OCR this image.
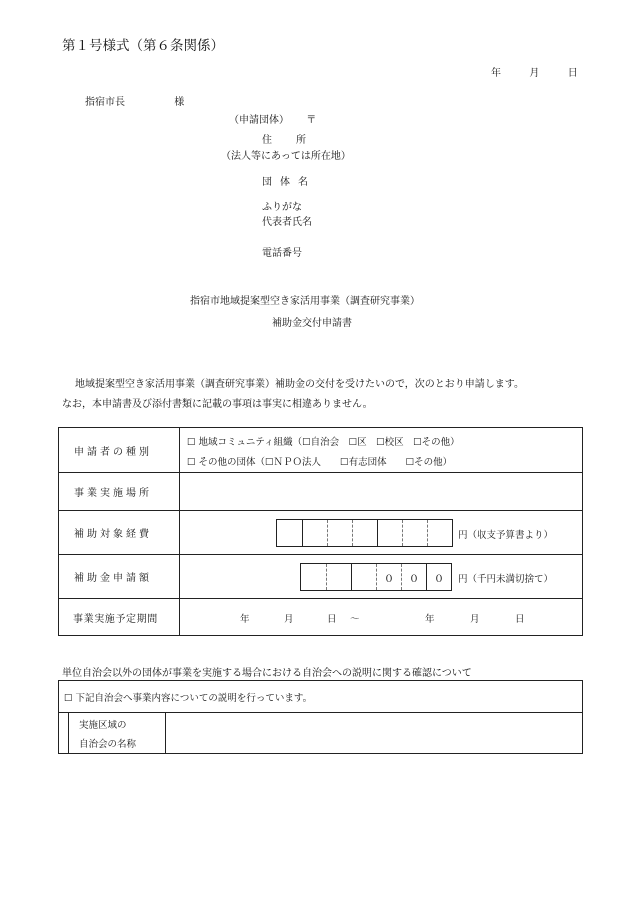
第１号様式（第６条関係）
年	月	日
指宿市長	様
（申請団体） 〒
住所
（法人等にあっては所在地）
団体名
ふりがな
代表者氏名
電話番号
指宿市地域提案型空き家活用事業（調査研究事業）
補助金交付申請書
地域提案型空き家活用事業（調査研究事業）補助金の交付を受けたいので，次のとおり申請します。
なお，本申請書及び添付書類に記載の事項は事実に相違ありません。
申請者の種別
☐ 地域コミュニティ組織（☐自治会　☐区　☐校区　☐その他）
☐ その他の団体（☐ＮＰＯ法人　　☐有志団体　　☐その他）
事業実施場所
補助対象経費	円（収支予算書より）
補助金申請額	０	０	０	円（千円未満切捨て）
事業実施予定期間	年	月	日 ～	年	月	日
単位自治会以外の団体が事業を実施する場合における自治会への説明に関する確認について
☐ 下記自治会へ事業内容についての説明を行っています。
実施区域の
自治会の名称
